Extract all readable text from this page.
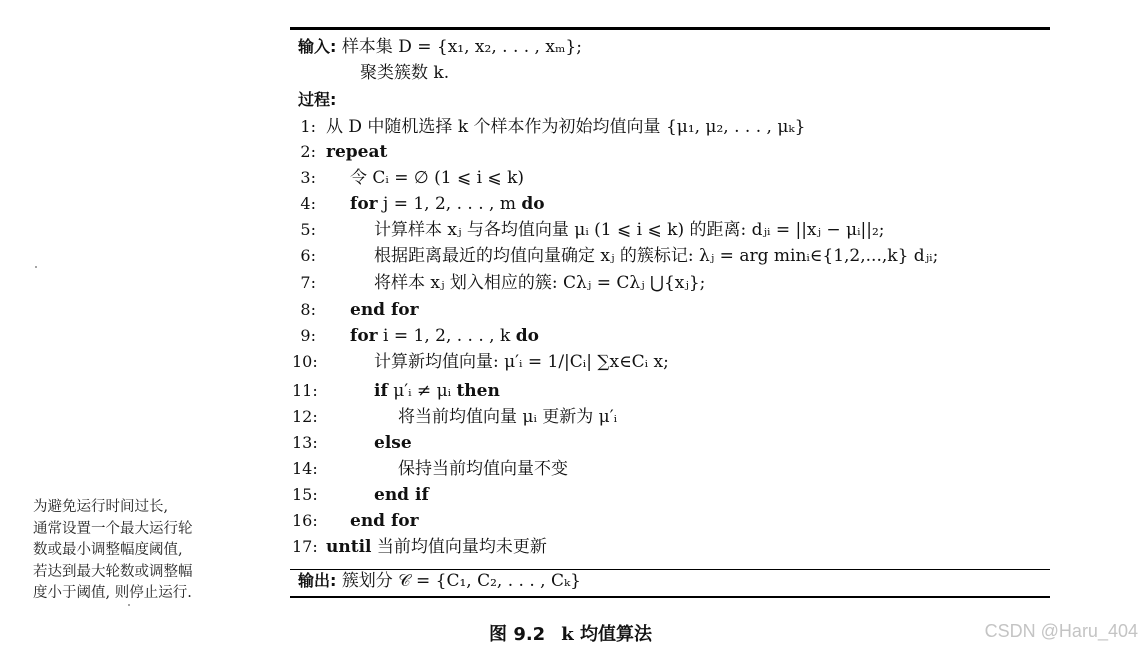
输入: 样本集 D = {x₁, x₂, . . . , xₘ};
聚类簇数 k.
过程:
1: 从 D 中随机选择 k 个样本作为初始均值向量 {μ₁, μ₂, . . . , μₖ}
2: repeat
3: 令 Cᵢ = ∅ (1 ⩽ i ⩽ k)
4: for j = 1, 2, . . . , m do
5:	计算样本 xⱼ 与各均值向量 μᵢ (1 ⩽ i ⩽ k) 的距离: dⱼᵢ = ||xⱼ − μᵢ||₂;
6:	根据距离最近的均值向量确定 xⱼ 的簇标记: λⱼ = arg minᵢ∈{1,2,...,k} dⱼᵢ;
7:	将样本 xⱼ 划入相应的簇: Cλⱼ = Cλⱼ ⋃{xⱼ};
8: end for
9: for i = 1, 2, . . . , k do
10:	计算新均值向量: μ′ᵢ = 1/|Cᵢ| ∑x∈Cᵢ x;
11:	if μ′ᵢ ≠ μᵢ then
12:	将当前均值向量 μᵢ 更新为 μ′ᵢ
13:	else
14:	保持当前均值向量不变
15:	end if
16: end for
17: until 当前均值向量均未更新
输出: 簇划分 𝒞 = {C₁, C₂, . . . , Cₖ}
为避免运行时间过长,
通常设置一个最大运行轮
数或最小调整幅度阈值,
若达到最大轮数或调整幅
度小于阈值, 则停止运行.
图 9.2 k 均值算法	CSDN @Haru_404
